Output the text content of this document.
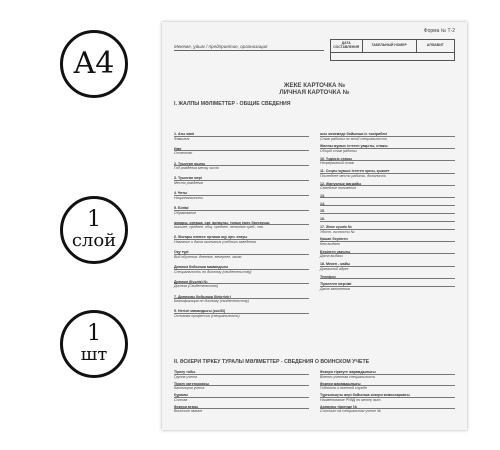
A4
1
слой
1
шт
Форма № Т-2
Мекеме, ұйым / предприятие, организация
ДАТА СОСТАВЛЕНИЯ	ТАБЕЛЬНЫЙ НОМЕР	АЛФАВИТ
ЖЕКЕ КАРТОЧКА №
ЛИЧНАЯ КАРТОЧКА №
I. ЖАЛПЫ МӘЛІМЕТТЕР - ОБЩИЕ СВЕДЕНИЯ
1. Аты жөні
Фамилия
Имя
Отчество
2. Туылған жылы
Год рождения месяц число
3. Туылған жері
Место рождения
4. Ұлты
Национальность
5. Білімі
Образование
жоғары, орташа, орт. арнаулы, толық емес бастауыш
высшее, среднее, общ. среднее, неполное сред., нач.
6. Жоғары немесе орташа оқу орн. атауы
Название и дата окончания учебного заведения
Оқу түрі
Вид обучения: дневное, вечернее, заочн.
Диплом бойынша мамандығы
Специальность по диплому (свидетельству)
Диплом (Куәлік) №
Диплом (Свидетельство)
7. Дипломы бойынша біліктілігі
Квалификация по диплому (свидетельству)
9. Негізгі мамандығы (кәсібі)
Основная профессия (специальность)
осы мекемеде бойынша іс тәжірибесі
Стаж работы по этой специальности
Жалпы жұмыс істеген уақыты, стажы
Общий стаж работы
10. Үздіксіз стажы
Непрерывный стаж
11. Соңғы жұмыс істеген орны, қызмет
Последнее место работы, должность
12. Жанұялық жағдайы
Семейное положение
13.
14.
15.
16.
17. Жеке куәлік №
Удост. личности №
Қашан берілген
Кем выдано
Берілген уақыты
Дата выдачи
18. Мекен - жайы
Домашний адрес
Телефон
Тіркелген мерзімі
Дата заполнения
II. ӘСКЕРИ ТІРКЕУ ТУРАЛЫ МӘЛІМЕТТЕР - СВЕДЕНИЯ О ВОИНСКОМ УЧЕТЕ
Тіркеу тобы
Группа учета
Тіркеу категориясы
Категория учета
Құрамы
Состав
Әскери атағы
Воинское звание
Әскери тіркеуге жарамдылығы
Военно-учетная специальность
Әскери жарамдылығы
Годность к военной службе
Тұрғылықты жері бойынша әскери комиссариаты
Наименование РУВД по месту жит.
Арнаулы тіркеуде №
Состоит на специальном учете №
